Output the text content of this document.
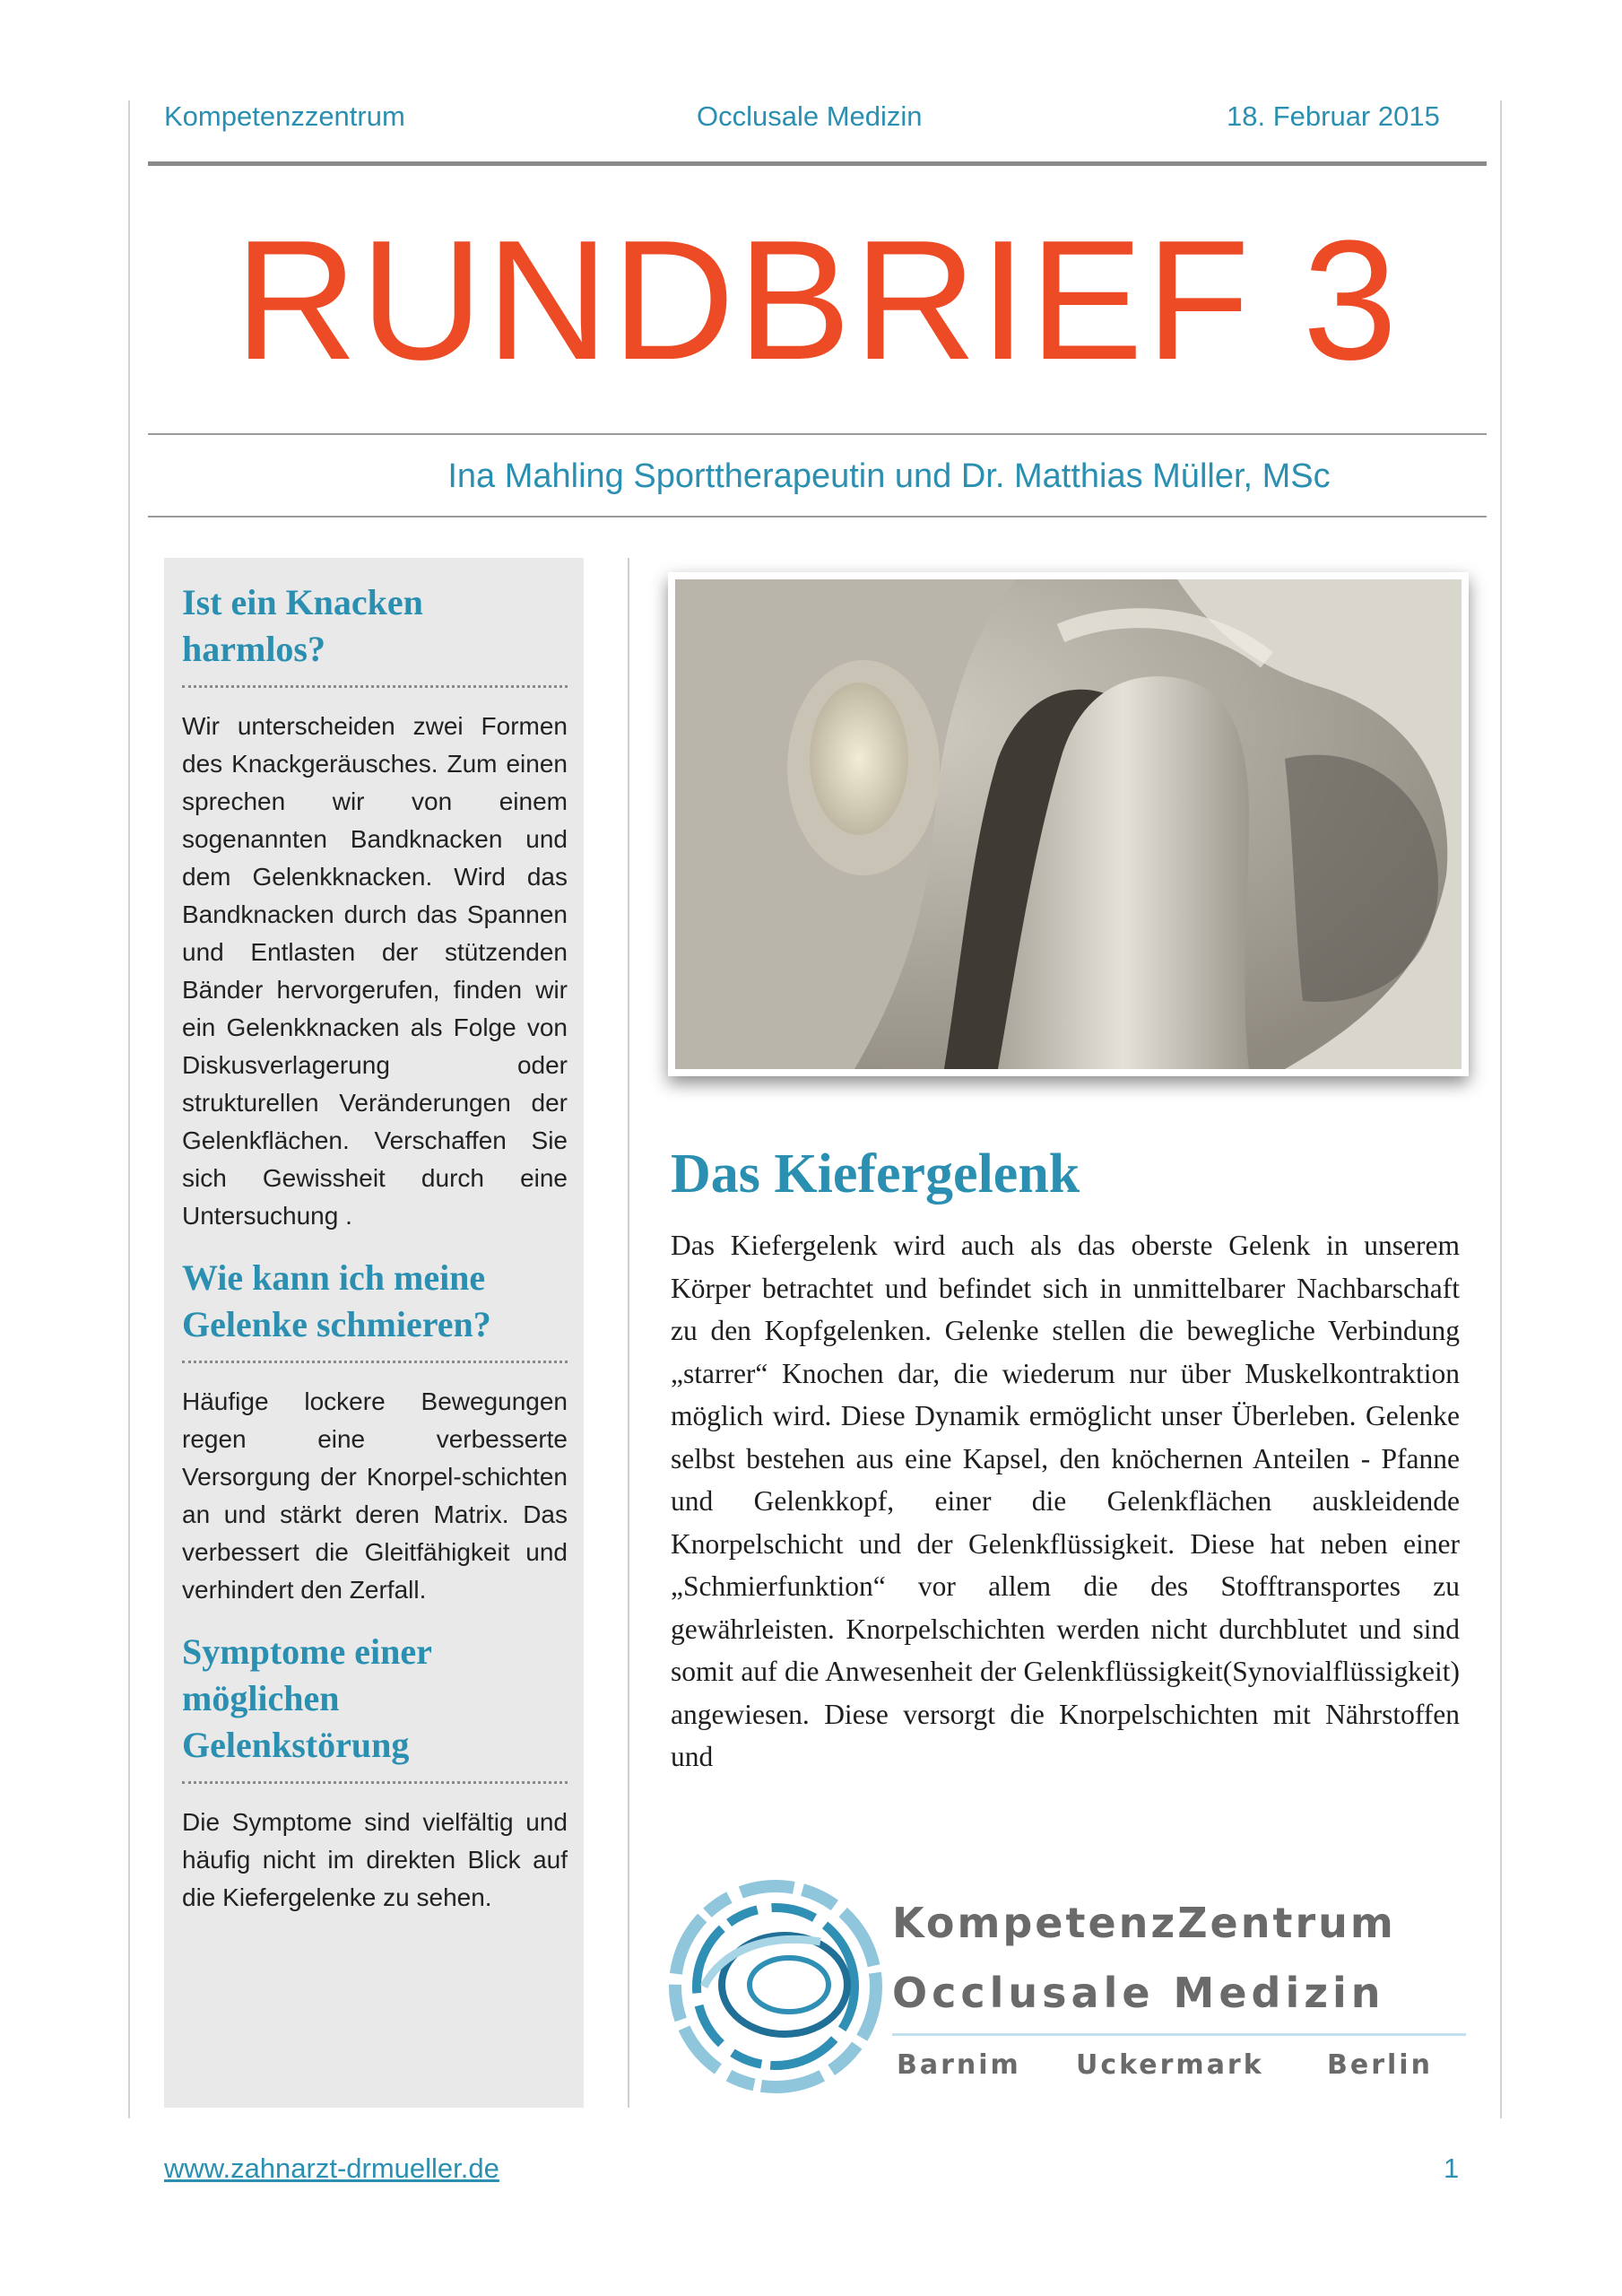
Kompetenzzentrum	Occlusale Medizin	18. Februar 2015
RUNDBRIEF 3
Ina Mahling Sporttherapeutin und Dr. Matthias Müller, MSc
Ist ein Knacken harmlos?

Wir unterscheiden zwei Formen des Knackgeräusches. Zum einen sprechen wir von einem sogenannten Bandknacken und dem Gelenkknacken. Wird das Bandknacken durch das Spannen und Entlasten der stützenden Bänder hervorgerufen, finden wir ein Gelenkknacken als Folge von Diskusverlagerung oder strukturellen Veränderungen der Gelenkflächen. Verschaffen Sie sich Gewissheit durch eine Untersuchung .

Wie kann ich meine Gelenke schmieren?

Häufige lockere Bewegungen regen eine verbesserte Versorgung der Knorpel-schichten an und stärkt deren Matrix. Das verbessert die Gleitfähigkeit und verhindert den Zerfall.

Symptome einer möglichen Gelenkstörung

Die Symptome sind vielfältig und häufig nicht im direkten Blick auf die Kiefergelenke zu sehen.

Das Kiefergelenk

Das Kiefergelenk wird auch als das oberste Gelenk in unserem Körper betrachtet und befindet sich in unmittelbarer Nachbarschaft zu den Kopfgelenken. Gelenke stellen die bewegliche Verbindung „starrer“ Knochen dar, die wiederum nur über Muskelkontraktion möglich wird. Diese Dynamik ermöglicht unser Überleben. Gelenke selbst bestehen aus eine Kapsel, den knöchernen Anteilen - Pfanne und Gelenkkopf, einer die Gelenkflächen auskleidende Knorpelschicht und der Gelenkflüssigkeit. Diese hat neben einer „Schmierfunktion“ vor allem die des Stofftransportes zu gewährleisten. Knorpelschichten werden nicht durchblutet und sind somit auf die Anwesenheit der Gelenkflüssigkeit(Synovialflüssigkeit) angewiesen. Diese versorgt die Knorpelschichten mit Nährstoffen und

KompetenzZentrum
Occlusale Medizin
Barnim Uckermark Berlin
www.zahnarzt-drmueller.de	1
